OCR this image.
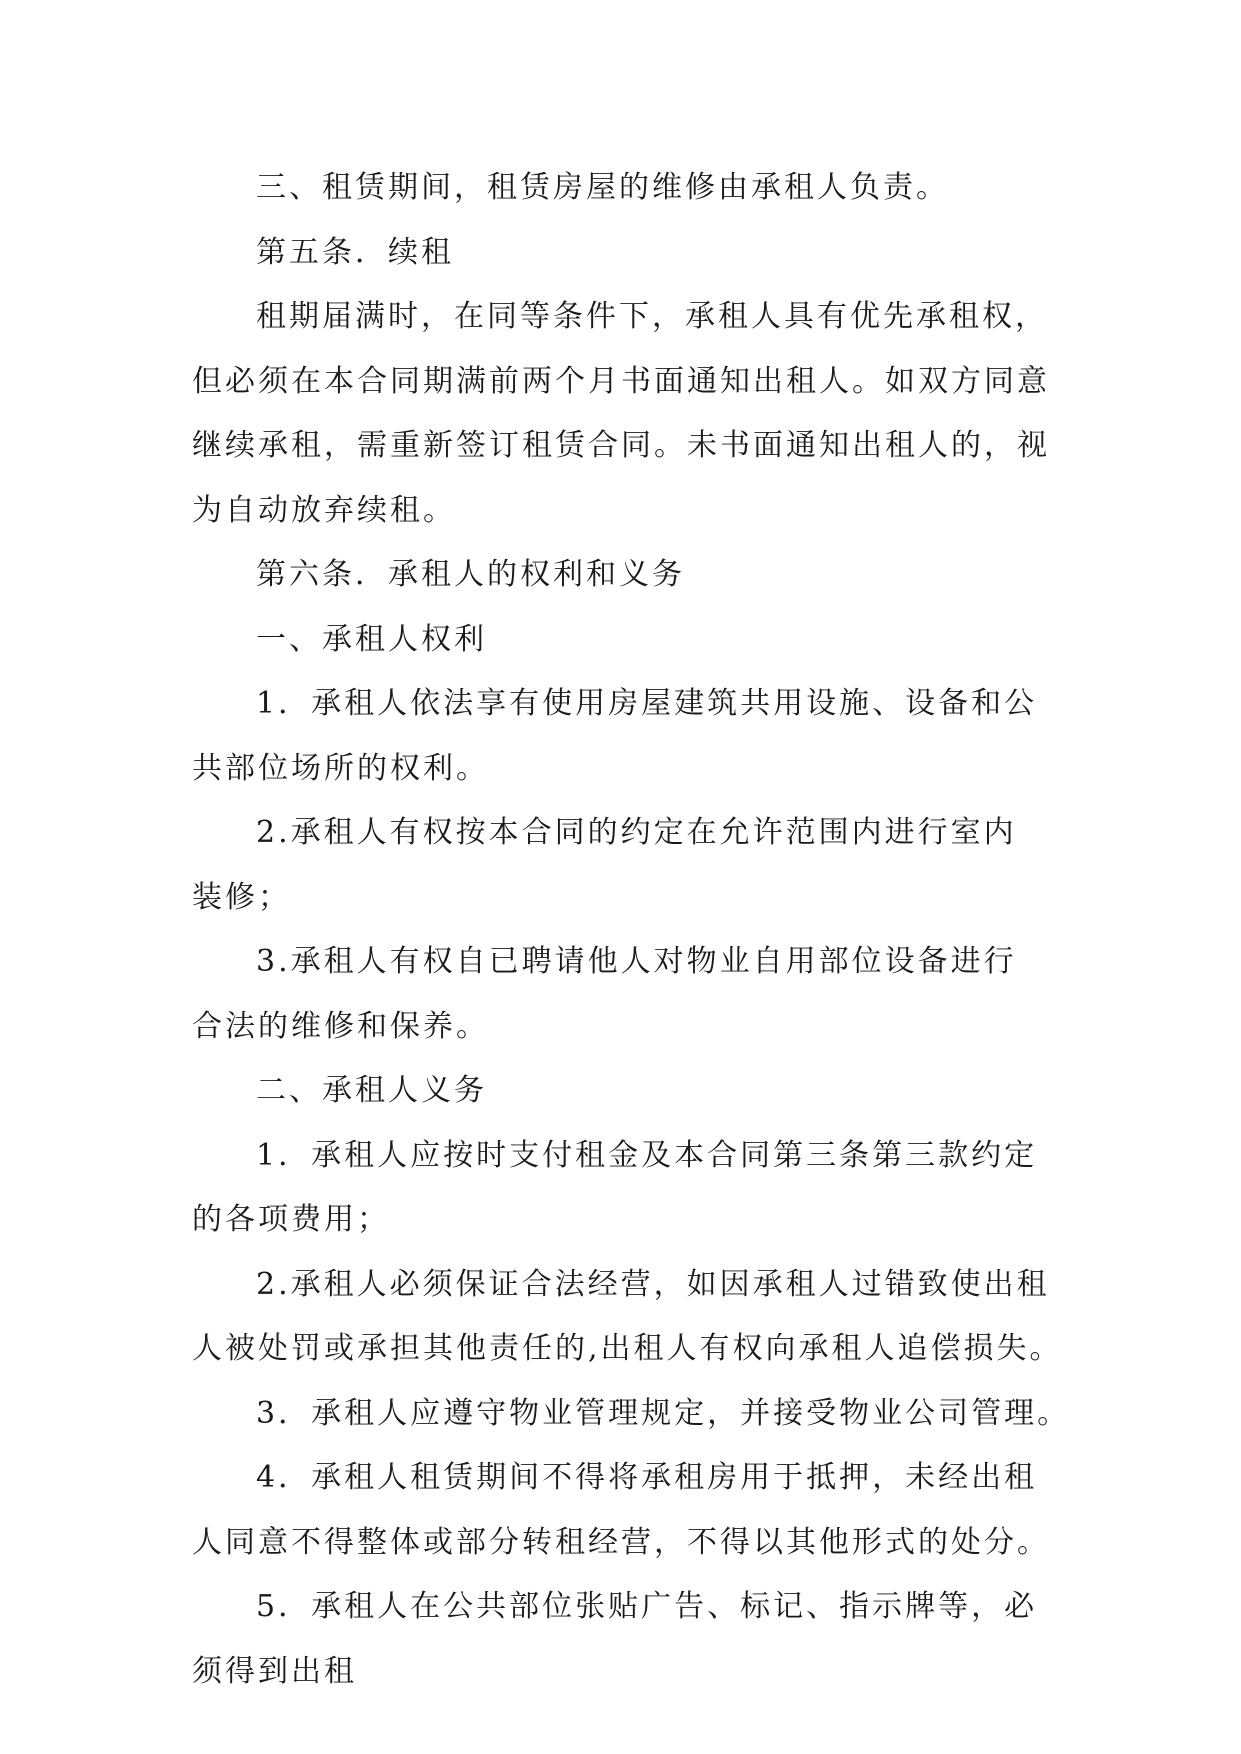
三、租赁期间，租赁房屋的维修由承租人负责。

第五条．续租

租期届满时，在同等条件下，承租人具有优先承租权，
但必须在本合同期满前两个月书面通知出租人。如双方同意
继续承租，需重新签订租赁合同。未书面通知出租人的，视
为自动放弃续租。

第六条．承租人的权利和义务

一、承租人权利

1．承租人依法享有使用房屋建筑共用设施、设备和公
共部位场所的权利。

2.承租人有权按本合同的约定在允许范围内进行室内
装修；

3.承租人有权自已聘请他人对物业自用部位设备进行
合法的维修和保养。

二、承租人义务

1．承租人应按时支付租金及本合同第三条第三款约定
的各项费用；

2.承租人必须保证合法经营，如因承租人过错致使出租
人被处罚或承担其他责任的,出租人有权向承租人追偿损失。

3．承租人应遵守物业管理规定，并接受物业公司管理。

4．承租人租赁期间不得将承租房用于抵押，未经出租
人同意不得整体或部分转租经营，不得以其他形式的处分。

5．承租人在公共部位张贴广告、标记、指示牌等，必
须得到出租
